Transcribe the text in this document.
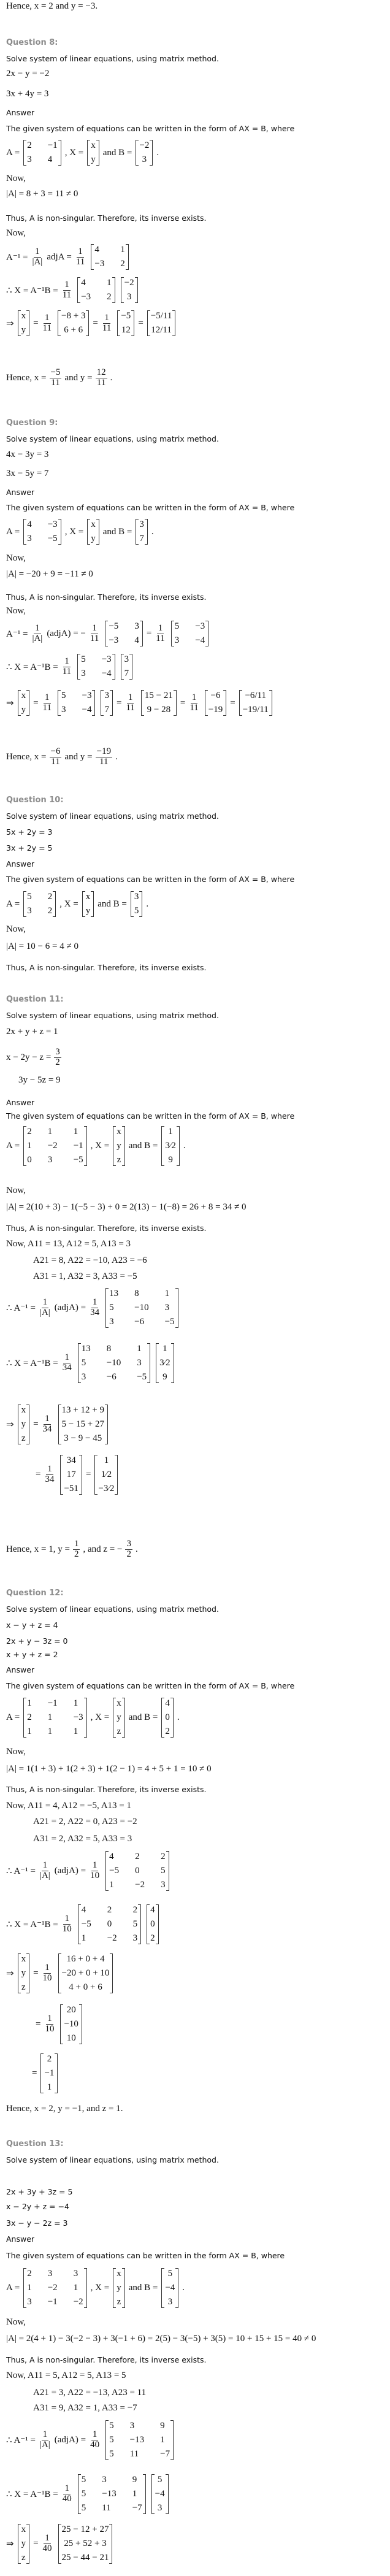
Hence, x = 2 and y = −3.
Question 8:
Solve system of linear equations, using matrix method.
2x − y = −2
3x + 4y = 3
Answer
The given system of equations can be written in the form of AX = B, where
A =
2 −1
3 4
, X =
x
y
and B =
−2
3
.
Now,
|A| = 8 + 3 = 11 ≠ 0
Thus, A is non-singular. Therefore, its inverse exists.
Now,
$A^{-1} = \frac{1}{|A|}$ adjA = $\frac{1}{11} 4$	1
−3 2
∴ $X = A^{-1}B = \frac{1}{11} 4$	1
−3 2
−2
3
⇒
x
y
= $\frac{1}{11} -8 + 3$
6 + 6
= $\frac{1}{11} -5$
12
=
−5/11
12/11
Hence, $x = \frac{-5}{11}$ and $y = \frac{12}{11}$ .
Question 9:
Solve system of linear equations, using matrix method.
4x − 3y = 3
3x − 5y = 7
Answer
The given system of equations can be written in the form of AX = B, where
A =
4 −3
3 −5
, X =
x
y
and B =
3
7
.
Now,
|A| = −20 + 9 = −11 ≠ 0
Thus, A is non-singular. Therefore, its inverse exists.
Now,
$A^{-1} = \frac{1}{|A|}$ (adjA) = − $\frac{1}{11} -5$ 3
−3 4
= $\frac{1}{11} 5 -3$
3 −4
∴ $X = A^{-1}B = \frac{1}{11} 5 -3$
3 −4
3
7
⇒
x
y
= $\frac{1}{11} 5 -3$
3 −4
3
7
= $\frac{1}{11} 15 - 21$
9 − 28
= $\frac{1}{11} -6$
−19
=
−6/11
−19/11
Hence, $x = \frac{-6}{11}$ and $y = \frac{-19}{11}$ .
Question 10:
Solve system of linear equations, using matrix method.
5x + 2y = 3
3x + 2y = 5
Answer
The given system of equations can be written in the form of AX = B, where
A =
5 2
3 2
, X =
x
y
and B =
3
5
.
Now,
|A| = 10 − 6 = 4 ≠ 0
Thus, A is non-singular. Therefore, its inverse exists.
Question 11:
Solve system of linear equations, using matrix method.
2x + y + z = 1
$x - 2y - z = \frac{3}{2}$
3y − 5z = 9
Answer
The given system of equations can be written in the form of AX = B, where
A =
2 1	1
1 −2 −1
0 3	−5
, X =
x
y
z
and B =
1
3⁄2
9
.
Now,
|A| = 2(10 + 3) − 1(−5 − 3) + 0 = 2(13) − 1(−8) = 26 + 8 = 34 ≠ 0
Thus, A is non-singular. Therefore, its inverse exists.
Now, A11 = 13, A12 = 5, A13 = 3
A21 = 8, A22 = −10, A23 = −6
A31 = 1, A32 = 3, A33 = −5
∴ $A^{-1} = \frac{1}{|A|}$ (adjA) = $\frac{1}{34}$
13 8	1
5	−10 3
3	−6	−5
∴ $X = A^{-1}B = \frac{1}{34}$
13 8	1
5	−10 3
3	−6	−5
1
3⁄2
9
⇒
x
y
z
= $\frac{1}{34}$
13 + 12 + 9
5 − 15 + 27
3 − 9 − 45
= $\frac{1}{34}$
34
17
−51
=
1
1⁄2
−3⁄2
Hence, x = 1, $y = \frac{1}{2}$ , and z = − $\frac{3}{2}$ .
Question 12:
Solve system of linear equations, using matrix method.
x − y + z = 4
2x + y − 3z = 0
x + y + z = 2
Answer
The given system of equations can be written in the form of AX = B, where
A =
1 −1 1
2 1	−3
1 1	1
, X =
x
y
z
and B =
4
0
2
.
Now,
|A| = 1(1 + 3) + 1(2 + 3) + 1(2 − 1) = 4 + 5 + 1 = 10 ≠ 0
Thus, A is non-singular. Therefore, its inverse exists.
Now, A11 = 4, A12 = −5, A13 = 1
A21 = 2, A22 = 0, A23 = −2
A31 = 2, A32 = 5, A33 = 3
∴ $A^{-1} = \frac{1}{|A|}$ (adjA) = $\frac{1}{10}$
4	2	2
−5 0	5
1	−2 3
∴ $X = A^{-1}B = \frac{1}{10}$
4	2	2
−5 0	5
1	−2 3
4
0
2
⇒
x
y
z
= $\frac{1}{10}$
16 + 0 + 4
−20 + 0 + 10
4 + 0 + 6
= $\frac{1}{10}$
20
−10
10
=
2
−1
1
Hence, x = 2, y = −1, and z = 1.
Question 13:
Solve system of linear equations, using matrix method.
2x + 3y + 3z = 5
x − 2y + z = −4
3x − y − 2z = 3
Answer
The given system of equations can be written in the form AX = B, where
A =
2 3	3
1 −2 1
3 −1 −2
, X =
x
y
z
and B =
5
−4
3
.
Now,
|A| = 2(4 + 1) − 3(−2 − 3) + 3(−1 + 6) = 2(5) − 3(−5) + 3(5) = 10 + 15 + 15 = 40 ≠ 0
Thus, A is non-singular. Therefore, its inverse exists.
Now, A11 = 5, A12 = 5, A13 = 5
A21 = 3, A22 = −13, A23 = 11
A31 = 9, A32 = 1, A33 = −7
∴ $A^{-1} = \frac{1}{|A|}$ (adjA) = $\frac{1}{40}$
5 3	9
5 −13 1
5 11	−7
∴ $X = A^{-1}B = \frac{1}{40}$
5 3	9
5 −13 1
5 11	−7
5
−4
3
⇒
x
y
z
= $\frac{1}{40}$
25 − 12 + 27
25 + 52 + 3
25 − 44 − 21
